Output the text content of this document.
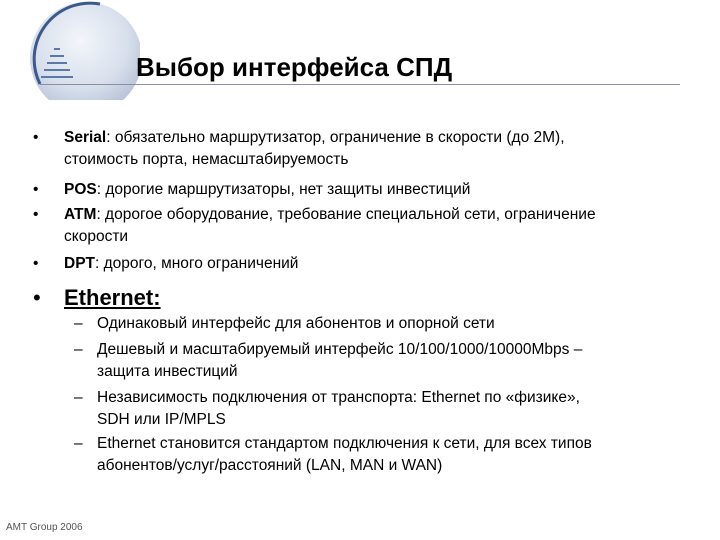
Выбор интерфейса СПД
• Serial: обязательно маршрутизатор, ограничение в скорости (до 2M),
стоимость порта, немасштабируемость
• POS: дорогие маршрутизаторы, нет защиты инвестиций
• ATM: дорогое оборудование, требование специальной сети, ограничение
скорости
• DPT: дорого, много ограничений
• Ethernet:
– Одинаковый интерфейс для абонентов и опорной сети
– Дешевый и масштабируемый интерфейс 10/100/1000/10000Mbps –
защита инвестиций
– Независимость подключения от транспорта: Ethernet по «физике»,
SDH или IP/MPLS
– Ethernet становится стандартом подключения к сети, для всех типов
абонентов/услуг/расстояний (LAN, MAN и WAN)
AMT Group 2006
